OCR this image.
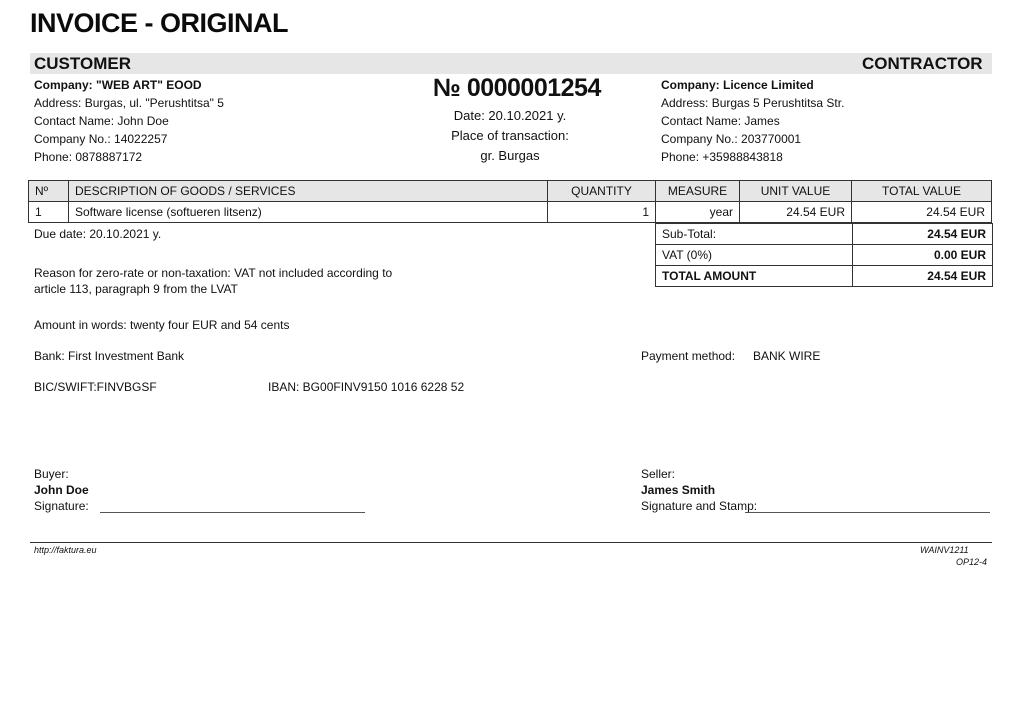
INVOICE - ORIGINAL
CUSTOMER	CONTRACTOR
Company: "WEB ART" EOOD
Address: Burgas, ul. "Perushtitsa" 5
Contact Name: John Doe
Company No.: 14022257
Phone: 0878887172
№ 0000001254
Date: 20.10.2021 y.
Place of transaction:
gr. Burgas
Company: Licence Limited
Address: Burgas 5 Perushtitsa Str.
Contact Name: James
Company No.: 203770001
Phone: +35988843818
Nº	DESCRIPTION OF GOODS / SERVICES	QUANTITY	MEASURE	UNIT VALUE	TOTAL VALUE
1	Software license (softueren litsenz)	1	year	24.54 EUR	24.54 EUR
Due date: 20.10.2021 y.	Sub-Total:	24.54 EUR
VAT (0%)	0.00 EUR
TOTAL AMOUNT	24.54 EUR
Reason for zero-rate or non-taxation: VAT not included according to
article 113, paragraph 9 from the LVAT
Amount in words: twenty four EUR and 54 cents
Bank: First Investment Bank	Payment method: BANK WIRE
BIC/SWIFT:FINVBGSF	IBAN: BG00FINV9150 1016 6228 52
Buyer:
John Doe
Signature:
Seller:
James Smith
Signature and Stamp:
http://faktura.eu	WAINV1211
OP12-4
